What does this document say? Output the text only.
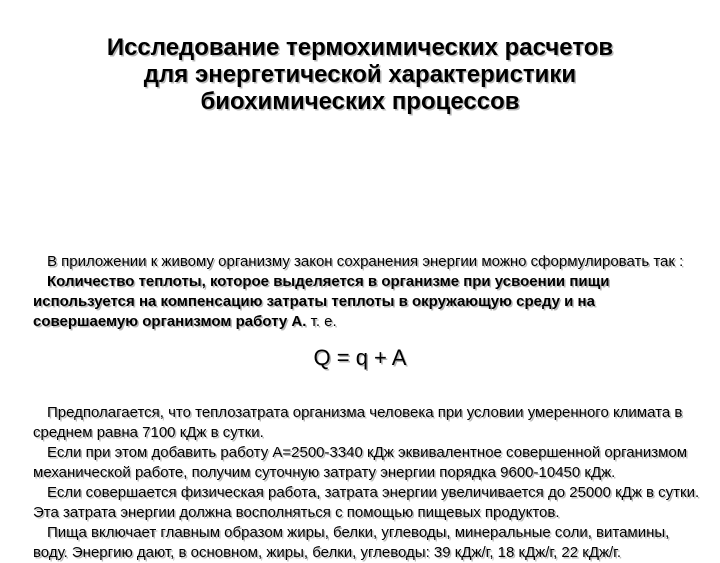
Исследование термохимических расчетов
для энергетической характеристики
биохимических процессов

В приложении к живому организму закон сохранения энергии можно сформулировать так :

Количество теплоты, которое выделяется в организме при усвоении пищи используется на компенсацию затраты теплоты в окружающую среду и на совершаемую организмом работу А. т. е.

Q = q + A

Предполагается, что теплозатрата организма человека при условии умеренного климата в среднем равна 7100 кДж в сутки.

Если при этом добавить работу А=2500-3340 кДж эквивалентное совершенной организмом механической работе, получим суточную затрату энергии порядка 9600-10450 кДж.

Если совершается физическая работа, затрата энергии увеличивается до 25000 кДж в сутки. Эта затрата энергии должна восполняться с помощью пищевых продуктов.

Пища включает главным образом жиры, белки, углеводы, минеральные соли, витамины, воду. Энергию дают, в основном, жиры, белки, углеводы: 39 кДж/г, 18 кДж/г, 22 кДж/г.
